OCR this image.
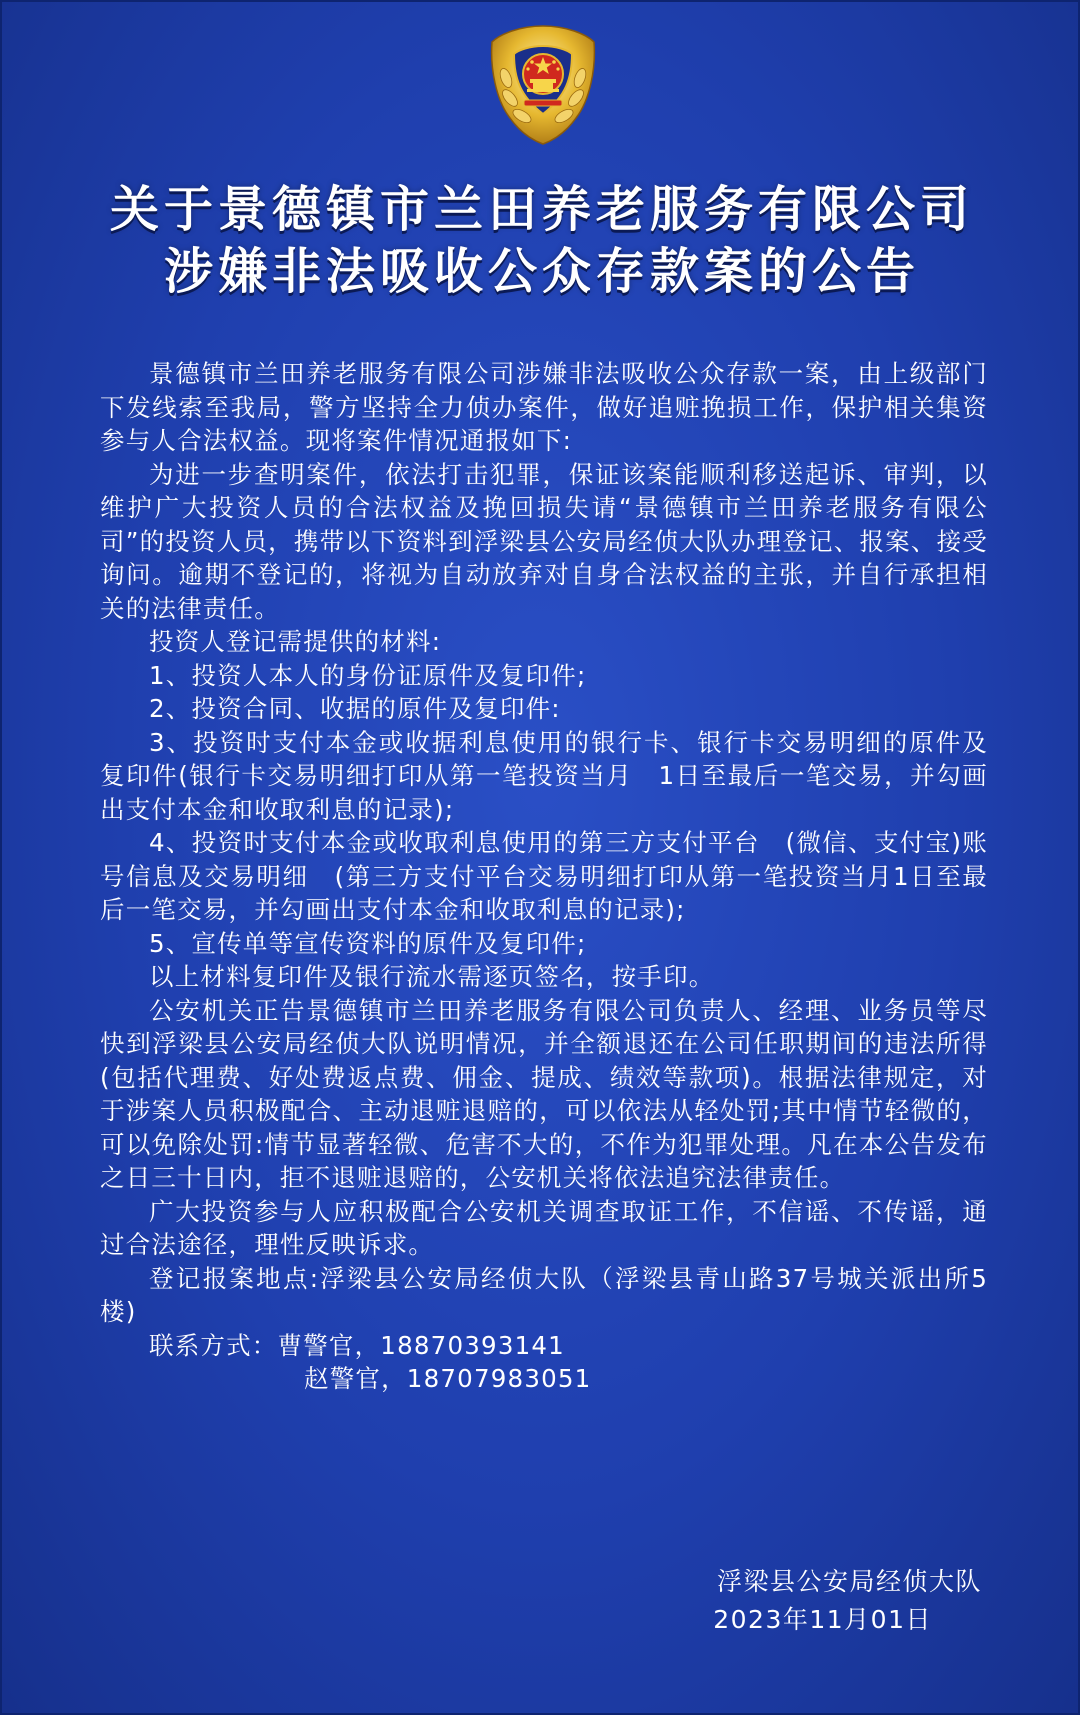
关于景德镇市兰田养老服务有限公司
涉嫌非法吸收公众存款案的公告

景德镇市兰田养老服务有限公司涉嫌非法吸收公众存款一案，由上级部门下发线索至我局，警方坚持全力侦办案件，做好追赃挽损工作，保护相关集资参与人合法权益。现将案件情况通报如下:

为进一步查明案件，依法打击犯罪，保证该案能顺利移送起诉、审判，以维护广大投资人员的合法权益及挽回损失请“景德镇市兰田养老服务有限公司”的投资人员，携带以下资料到浮梁县公安局经侦大队办理登记、报案、接受询问。逾期不登记的，将视为自动放弃对自身合法权益的主张，并自行承担相关的法律责任。

投资人登记需提供的材料:

1、投资人本人的身份证原件及复印件;

2、投资合同、收据的原件及复印件:

3、投资时支付本金或收据利息使用的银行卡、银行卡交易明细的原件及复印件(银行卡交易明细打印从第一笔投资当月　1日至最后一笔交易，并勾画出支付本金和收取利息的记录);

4、投资时支付本金或收取利息使用的第三方支付平台　(微信、支付宝)账号信息及交易明细　(第三方支付平台交易明细打印从第一笔投资当月1日至最后一笔交易，并勾画出支付本金和收取利息的记录);

5、宣传单等宣传资料的原件及复印件;

以上材料复印件及银行流水需逐页签名，按手印。

公安机关正告景德镇市兰田养老服务有限公司负责人、经理、业务员等尽快到浮梁县公安局经侦大队说明情况，并全额退还在公司任职期间的违法所得(包括代理费、好处费返点费、佣金、提成、绩效等款项)。根据法律规定，对于涉案人员积极配合、主动退赃退赔的，可以依法从轻处罚;其中情节轻微的，可以免除处罚:情节显著轻微、危害不大的，不作为犯罪处理。凡在本公告发布之日三十日内，拒不退赃退赔的，公安机关将依法追究法律责任。

广大投资参与人应积极配合公安机关调查取证工作，不信谣、不传谣，通过合法途径，理性反映诉求。

登记报案地点:浮梁县公安局经侦大队（浮梁县青山路37号城关派出所5楼)

联系方式：曹警官，18870393141

赵警官，18707983051

浮梁县公安局经侦大队
2023年11月01日
